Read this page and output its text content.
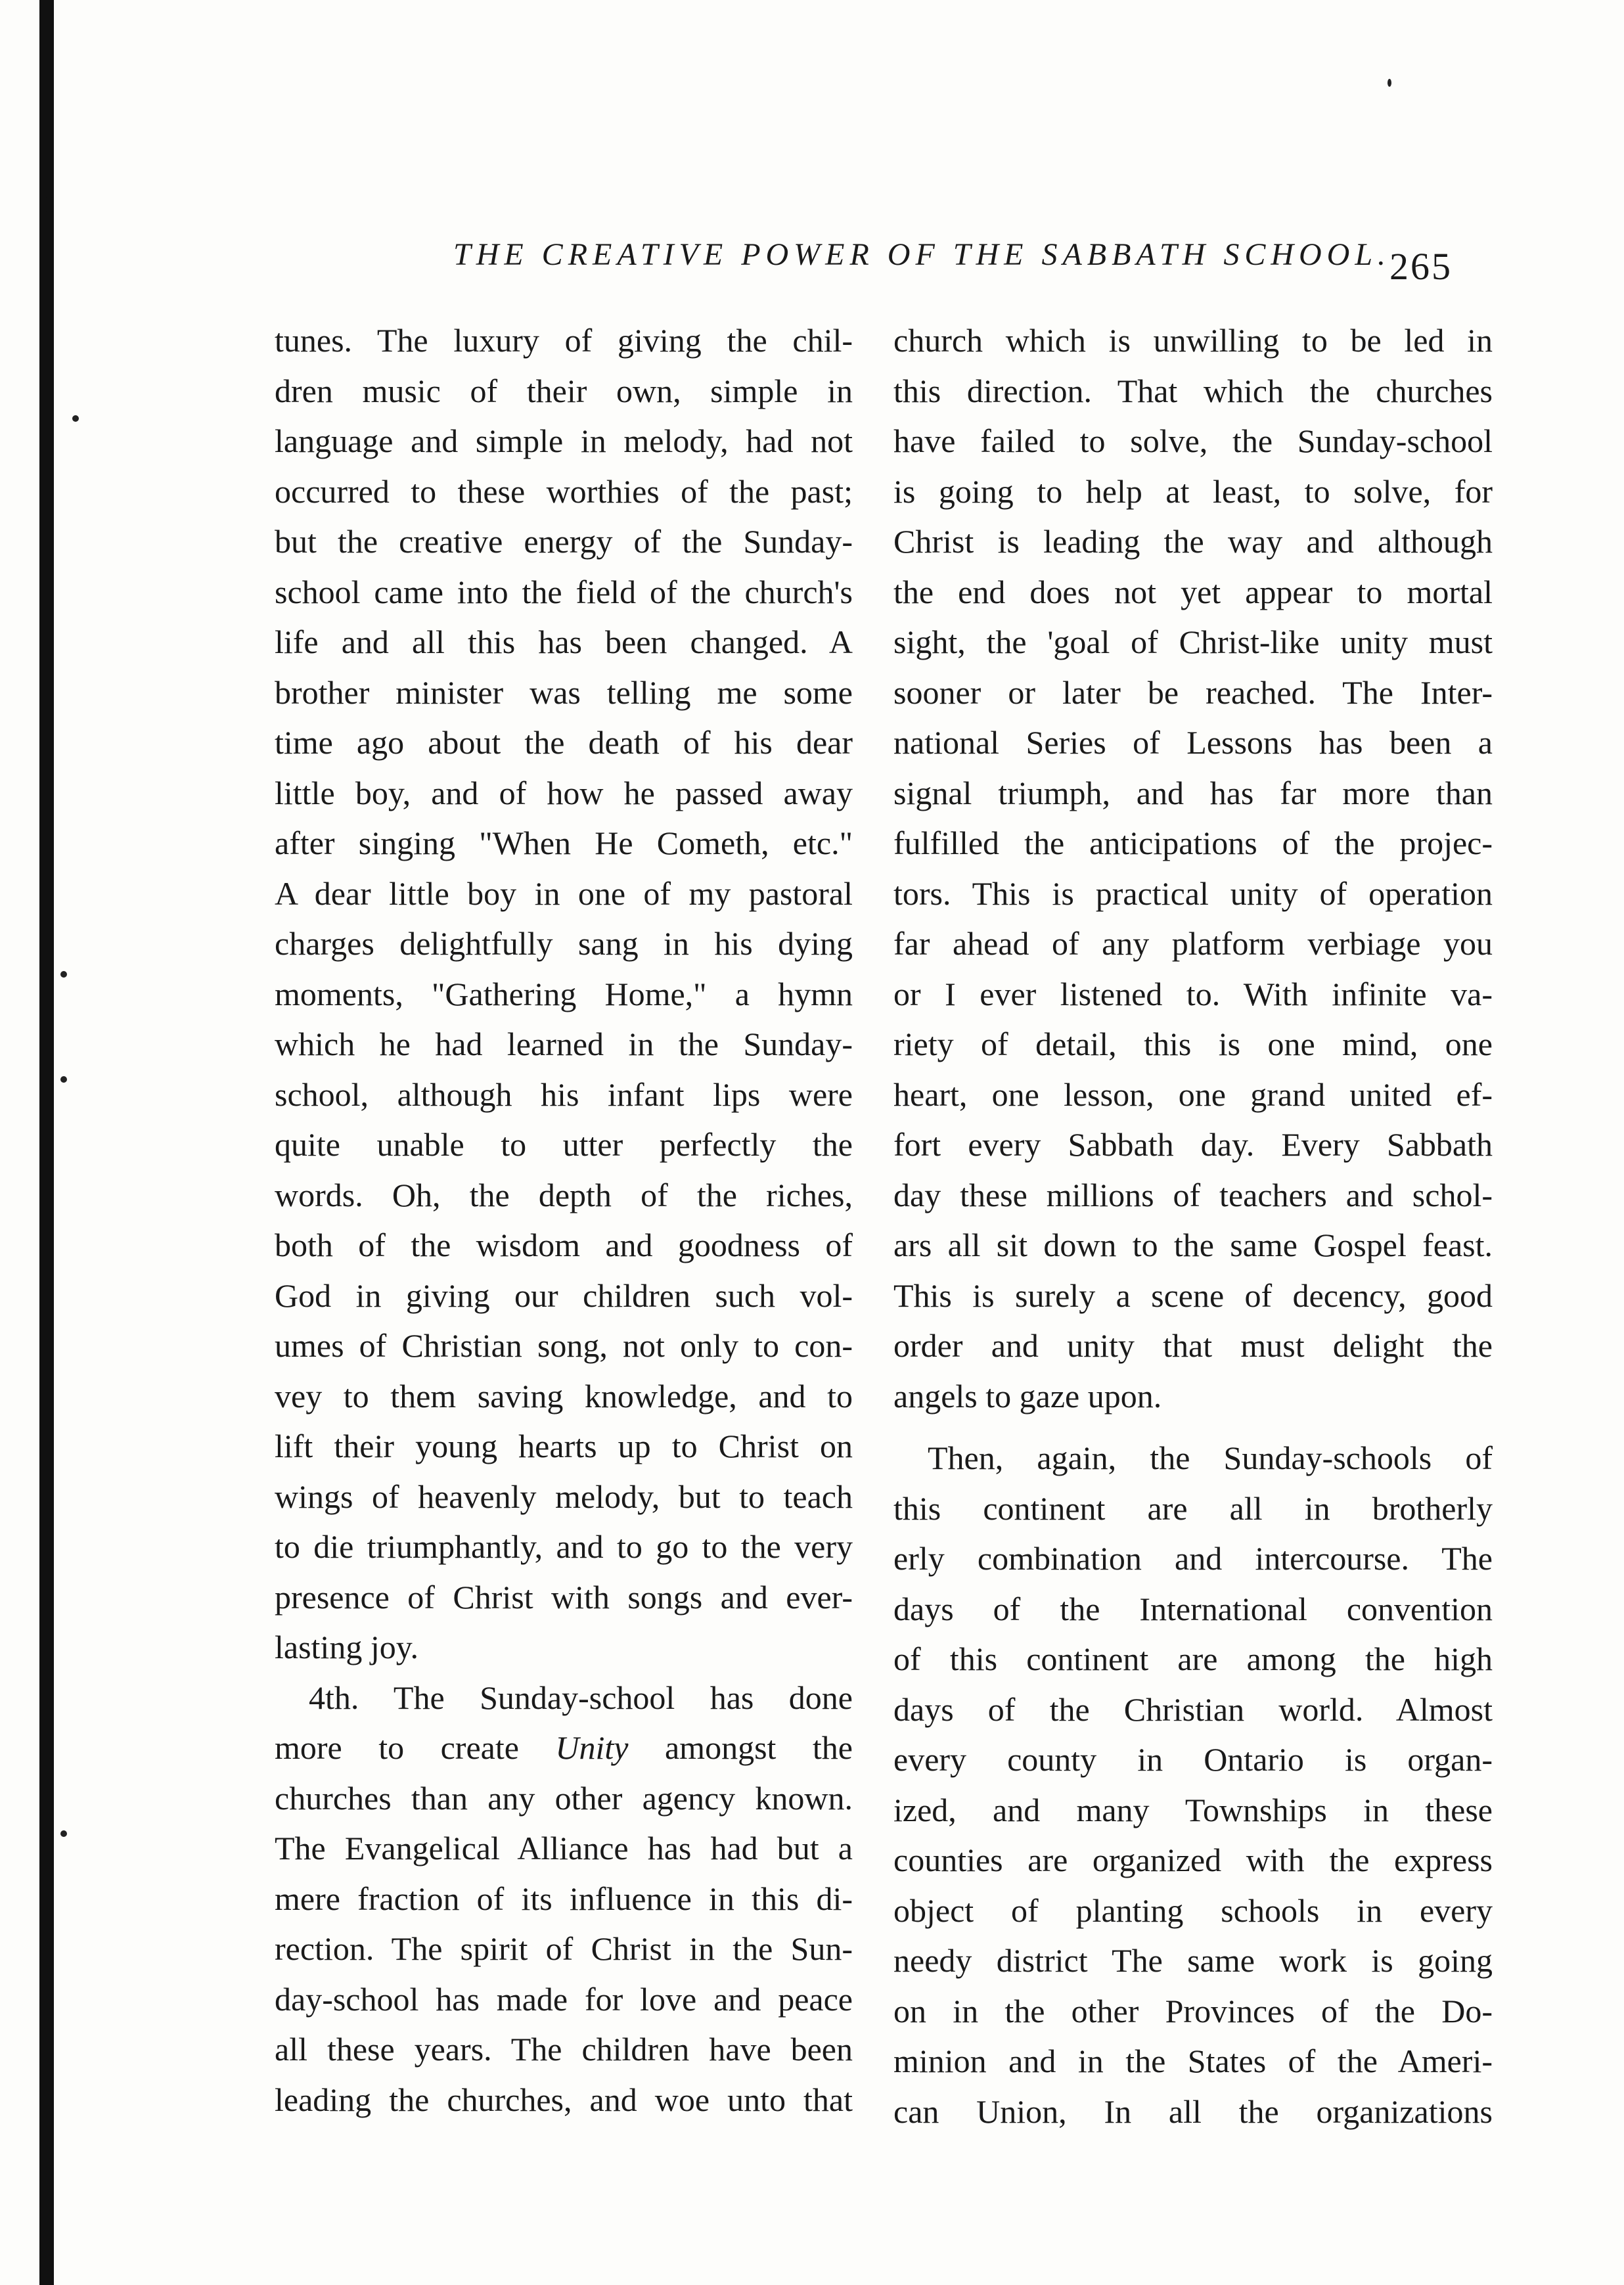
THE CREATIVE POWER OF THE SABBATH SCHOOL.
265
tunes. The luxury of giving the chil-
dren music of their own, simple in
language and simple in melody, had not
occurred to these worthies of the past;
but the creative energy of the Sunday-
school came into the field of the church's
life and all this has been changed. A
brother minister was telling me some
time ago about the death of his dear
little boy, and of how he passed away
after singing "When He Cometh, etc."
A dear little boy in one of my pastoral
charges delightfully sang in his dying
moments, "Gathering Home," a hymn
which he had learned in the Sunday-
school, although his infant lips were
quite unable to utter perfectly the
words. Oh, the depth of the riches,
both of the wisdom and goodness of
God in giving our children such vol-
umes of Christian song, not only to con-
vey to them saving knowledge, and to
lift their young hearts up to Christ on
wings of heavenly melody, but to teach
to die triumphantly, and to go to the very
presence of Christ with songs and ever-
lasting joy.
4th. The Sunday-school has done
more to create Unity amongst the
churches than any other agency known.
The Evangelical Alliance has had but a
mere fraction of its influence in this di-
rection. The spirit of Christ in the Sun-
day-school has made for love and peace
all these years. The children have been
leading the churches, and woe unto that
church which is unwilling to be led in
this direction. That which the churches
have failed to solve, the Sunday-school
is going to help at least, to solve, for
Christ is leading the way and although
the end does not yet appear to mortal
sight, the 'goal of Christ-like unity must
sooner or later be reached. The Inter-
national Series of Lessons has been a
signal triumph, and has far more than
fulfilled the anticipations of the projec-
tors. This is practical unity of operation
far ahead of any platform verbiage you
or I ever listened to. With infinite va-
riety of detail, this is one mind, one
heart, one lesson, one grand united ef-
fort every Sabbath day. Every Sabbath
day these millions of teachers and schol-
ars all sit down to the same Gospel feast.
This is surely a scene of decency, good
order and unity that must delight the
angels to gaze upon.
Then, again, the Sunday-schools of
this continent are all in brotherly
erly combination and intercourse. The
days of the International convention
of this continent are among the high
days of the Christian world. Almost
every county in Ontario is organ-
ized, and many Townships in these
counties are organized with the express
object of planting schools in every
needy district The same work is going
on in the other Provinces of the Do-
minion and in the States of the Ameri-
can Union, In all the organizations
